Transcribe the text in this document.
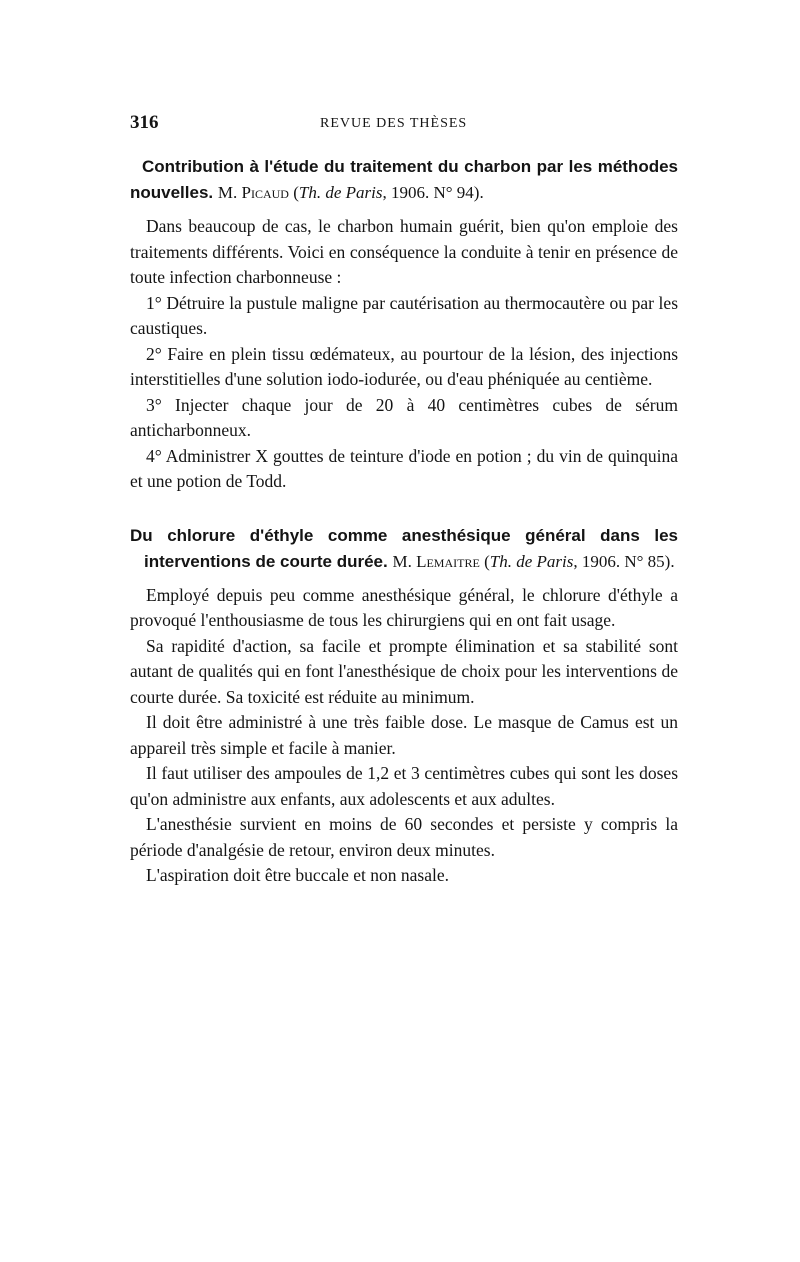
316	REVUE DES THÈSES
Contribution à l'étude du traitement du charbon par les méthodes nouvelles. M. Picaud (Th. de Paris, 1906. N° 94).

Dans beaucoup de cas, le charbon humain guérit, bien qu'on emploie des traitements différents. Voici en conséquence la conduite à tenir en présence de toute infection charbonneuse :

1° Détruire la pustule maligne par cautérisation au thermocautère ou par les caustiques.

2° Faire en plein tissu œdémateux, au pourtour de la lésion, des injections interstitielles d'une solution iodo-iodurée, ou d'eau phéniquée au centième.

3° Injecter chaque jour de 20 à 40 centimètres cubes de sérum anticharbonneux.

4° Administrer X gouttes de teinture d'iode en potion ; du vin de quinquina et une potion de Todd.

Du chlorure d'éthyle comme anesthésique général dans les interventions de courte durée. M. Lemaitre (Th. de Paris, 1906. N° 85).

Employé depuis peu comme anesthésique général, le chlorure d'éthyle a provoqué l'enthousiasme de tous les chirurgiens qui en ont fait usage.

Sa rapidité d'action, sa facile et prompte élimination et sa stabilité sont autant de qualités qui en font l'anesthésique de choix pour les interventions de courte durée. Sa toxicité est réduite au minimum.

Il doit être administré à une très faible dose. Le masque de Camus est un appareil très simple et facile à manier.

Il faut utiliser des ampoules de 1,2 et 3 centimètres cubes qui sont les doses qu'on administre aux enfants, aux adolescents et aux adultes.

L'anesthésie survient en moins de 60 secondes et persiste y compris la période d'analgésie de retour, environ deux minutes.

L'aspiration doit être buccale et non nasale.
